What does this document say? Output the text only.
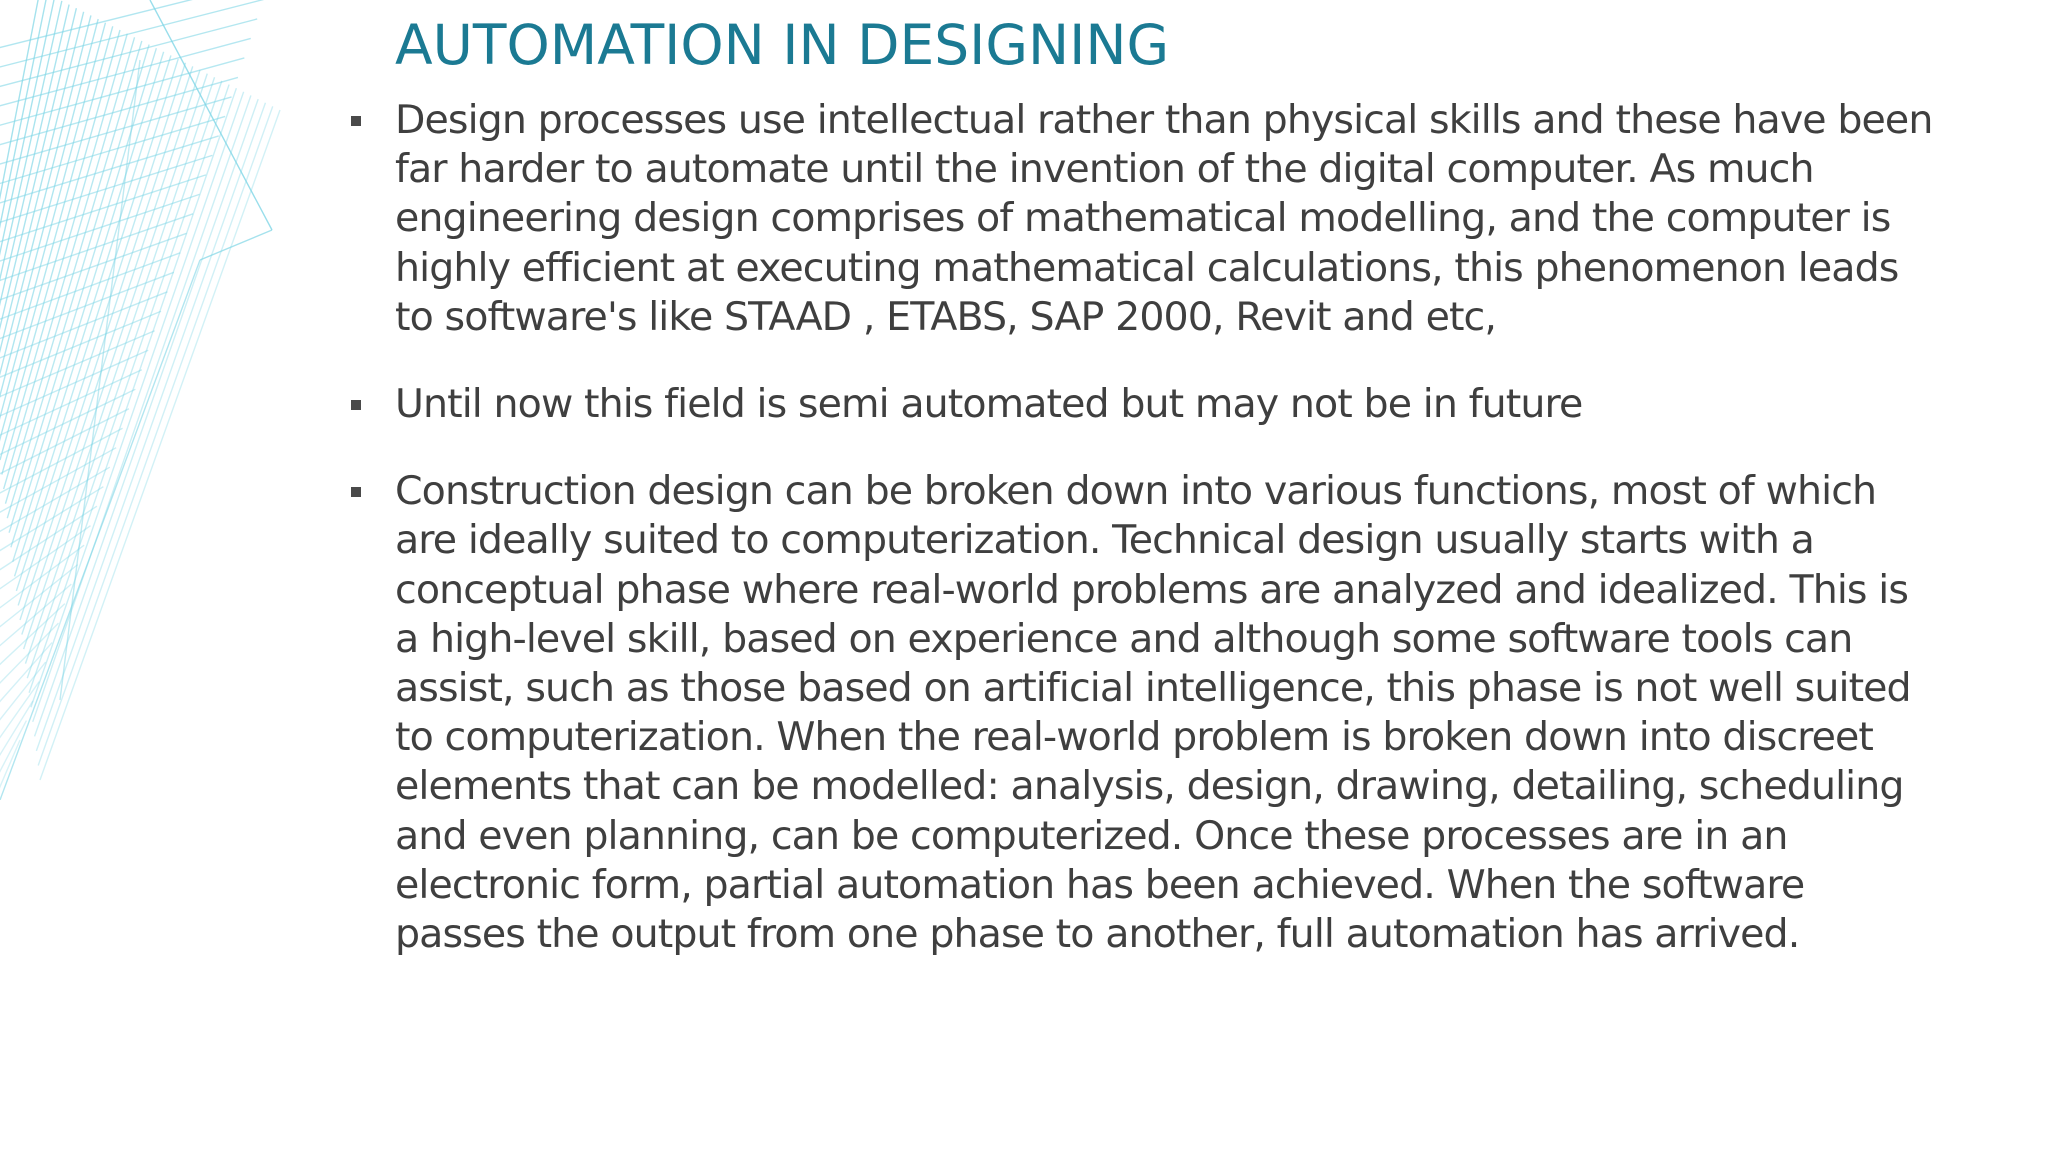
AUTOMATION IN DESIGNING
Design processes use intellectual rather than physical skills and these have been far harder to automate until the invention of the digital computer. As much engineering design comprises of mathematical modelling, and the computer is highly efficient at executing mathematical calculations, this phenomenon leads to software's like STAAD , ETABS, SAP 2000, Revit and etc,
Until now this field is semi automated but may not be in future
Construction design can be broken down into various functions, most of which are ideally suited to computerization. Technical design usually starts with a conceptual phase where real-world problems are analyzed and idealized. This is a high-level skill, based on experience and although some software tools can assist, such as those based on artificial intelligence, this phase is not well suited to computerization. When the real-world problem is broken down into discreet elements that can be modelled: analysis, design, drawing, detailing, scheduling and even planning, can be computerized. Once these processes are in an electronic form, partial automation has been achieved. When the software passes the output from one phase to another, full automation has arrived.
